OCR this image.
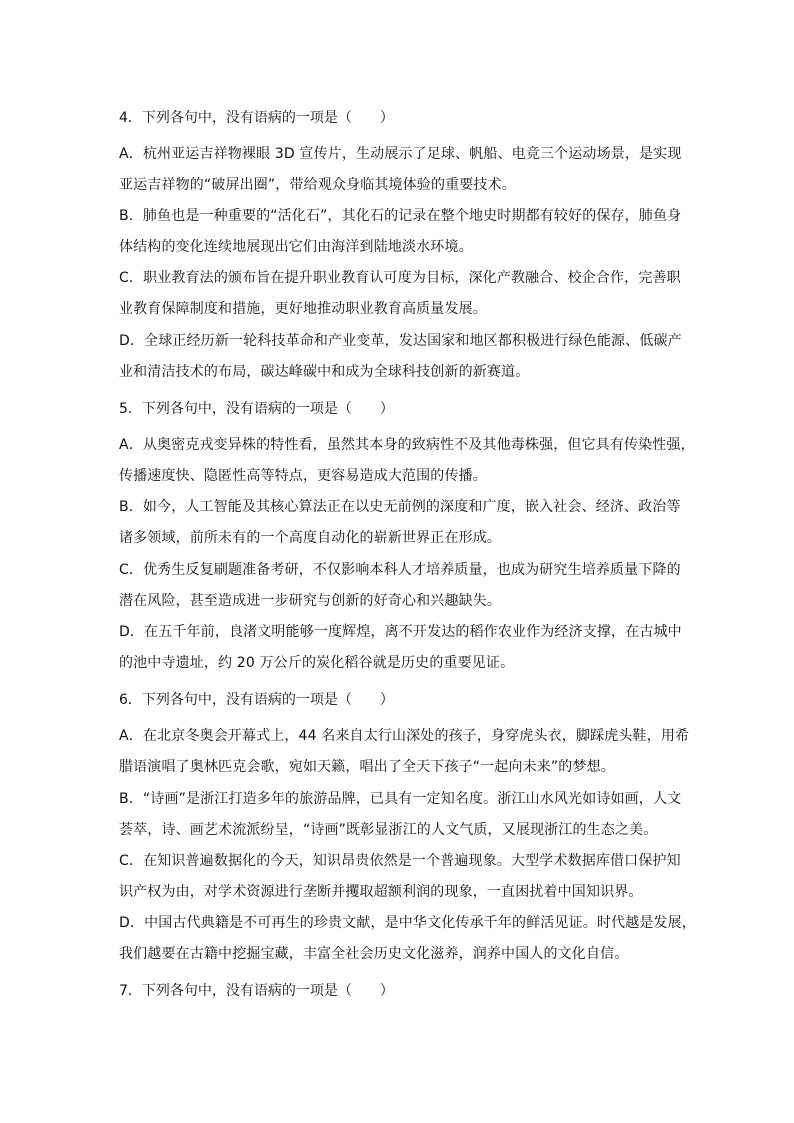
4．下列各句中，没有语病的一项是（　　）
A．杭州亚运吉祥物裸眼 3D 宣传片，生动展示了足球、帆船、电竞三个运动场景，是实现
亚运吉祥物的“破屏出圈”，带给观众身临其境体验的重要技术。
B．肺鱼也是一种重要的“活化石”，其化石的记录在整个地史时期都有较好的保存，肺鱼身
体结构的变化连续地展现出它们由海洋到陆地淡水环境。
C．职业教育法的颁布旨在提升职业教育认可度为目标，深化产教融合、校企合作，完善职
业教育保障制度和措施，更好地推动职业教育高质量发展。
D．全球正经历新一轮科技革命和产业变革，发达国家和地区都积极进行绿色能源、低碳产
业和清洁技术的布局，碳达峰碳中和成为全球科技创新的新赛道。
5．下列各句中，没有语病的一项是（　　）
A．从奥密克戎变异株的特性看，虽然其本身的致病性不及其他毒株强，但它具有传染性强，
传播速度快、隐匿性高等特点，更容易造成大范围的传播。
B．如今，人工智能及其核心算法正在以史无前例的深度和广度，嵌入社会、经济、政治等
诸多领域，前所未有的一个高度自动化的崭新世界正在形成。
C．优秀生反复刷题准备考研，不仅影响本科人才培养质量，也成为研究生培养质量下降的
潜在风险，甚至造成进一步研究与创新的好奇心和兴趣缺失。
D．在五千年前，良渚文明能够一度辉煌，离不开发达的稻作农业作为经济支撑，在古城中
的池中寺遗址，约 20 万公斤的炭化稻谷就是历史的重要见证。
6．下列各句中，没有语病的一项是（　　）
A．在北京冬奥会开幕式上，44 名来自太行山深处的孩子，身穿虎头衣，脚踩虎头鞋，用希
腊语演唱了奥林匹克会歌，宛如天籁，唱出了全天下孩子“一起向未来”的梦想。
B．“诗画”是浙江打造多年的旅游品牌，已具有一定知名度。浙江山水风光如诗如画，人文
荟萃，诗、画艺术流派纷呈，“诗画”既彰显浙江的人文气质，又展现浙江的生态之美。
C．在知识普遍数据化的今天，知识昂贵依然是一个普遍现象。大型学术数据库借口保护知
识产权为由，对学术资源进行垄断并攫取超额利润的现象，一直困扰着中国知识界。
D．中国古代典籍是不可再生的珍贵文献，是中华文化传承千年的鲜活见证。时代越是发展，
我们越要在古籍中挖掘宝藏，丰富全社会历史文化滋养，润养中国人的文化自信。
7．下列各句中，没有语病的一项是（　　）
